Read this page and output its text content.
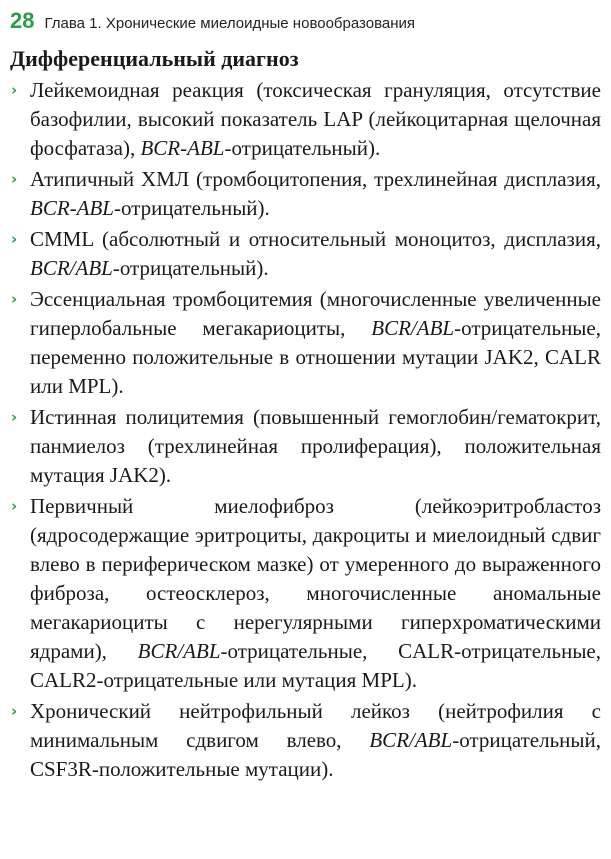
28 Глава 1. Хронические миелоидные новообразования
Дифференциальный диагноз
› Лейкемоидная реакция (токсическая грануляция, отсутствие базофилии, высокий показатель LAP (лейкоцитарная щелочная фосфатаза), BCR-ABL-отрицательный).
› Атипичный ХМЛ (тромбоцитопения, трехлинейная дисплазия, BCR-ABL-отрицательный).
› CMML (абсолютный и относительный моноцитоз, дисплазия, BCR/ABL-отрицательный).
› Эссенциальная тромбоцитемия (многочисленные увеличенные гиперлобальные мегакариоциты, BCR/ABL-отрицательные, переменно положительные в отношении мутации JAK2, CALR или MPL).
› Истинная полицитемия (повышенный гемоглобин/гематокрит, панмиелоз (трехлинейная пролиферация), положительная мутация JAK2).
› Первичный миелофиброз (лейкоэритробластоз (ядросодержащие эритроциты, дакроциты и миелоидный сдвиг влево в периферическом мазке) от умеренного до выраженного фиброза, остеосклероз, многочисленные аномальные мегакариоциты с нерегулярными гиперхроматическими ядрами), BCR/ABL-отрицательные, CALR-отрицательные, CALR2-отрицательные или мутация MPL).
› Хронический нейтрофильный лейкоз (нейтрофилия с минимальным сдвигом влево, BCR/ABL-отрицательный, CSF3R-положительные мутации).
